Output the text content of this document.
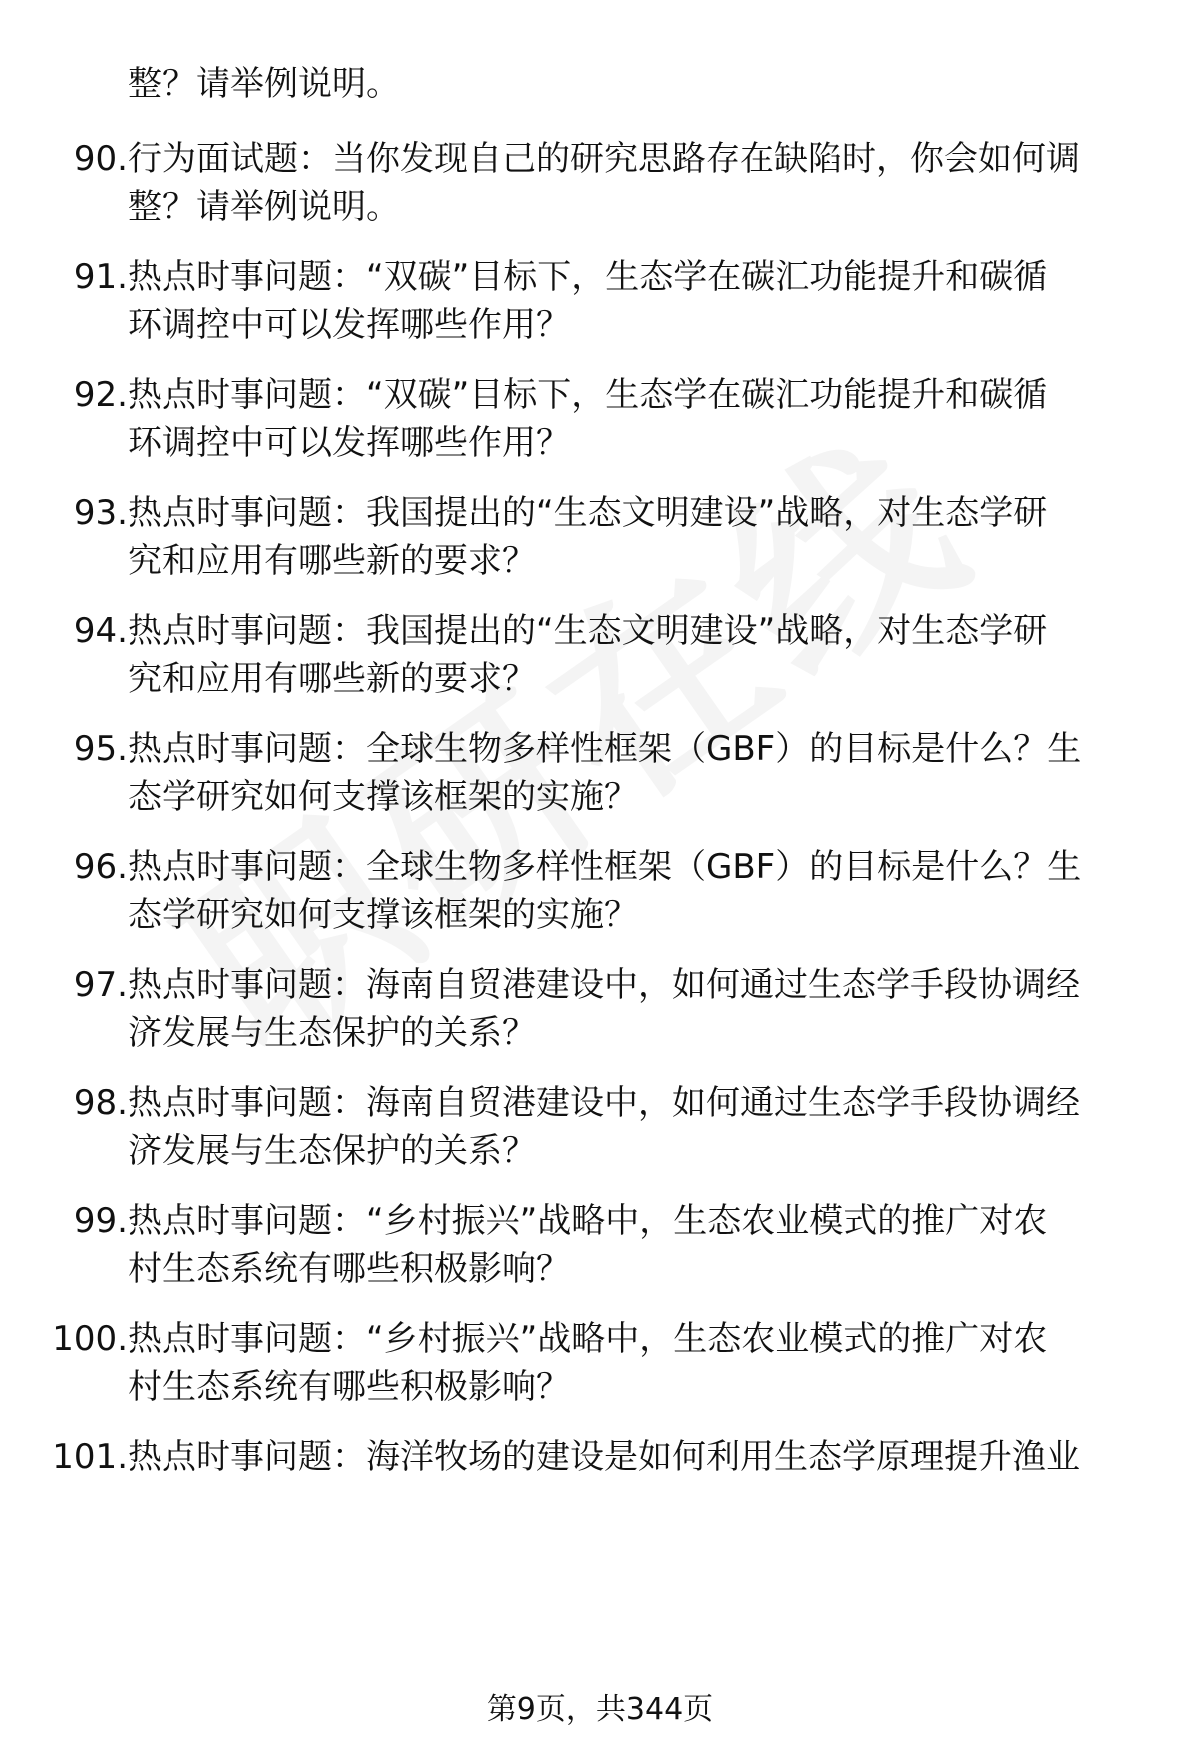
整？请举例说明。
90. 行为面试题：当你发现自己的研究思路存在缺陷时，你会如何调
整？请举例说明。
91. 热点时事问题：“双碳”目标下，生态学在碳汇功能提升和碳循
环调控中可以发挥哪些作用？
92. 热点时事问题：“双碳”目标下，生态学在碳汇功能提升和碳循
环调控中可以发挥哪些作用？
93. 热点时事问题：我国提出的“生态文明建设”战略，对生态学研
究和应用有哪些新的要求？
94. 热点时事问题：我国提出的“生态文明建设”战略，对生态学研
究和应用有哪些新的要求？
95. 热点时事问题：全球生物多样性框架（GBF）的目标是什么？生
态学研究如何支撑该框架的实施？
96. 热点时事问题：全球生物多样性框架（GBF）的目标是什么？生
态学研究如何支撑该框架的实施？
97. 热点时事问题：海南自贸港建设中，如何通过生态学手段协调经
济发展与生态保护的关系？
98. 热点时事问题：海南自贸港建设中，如何通过生态学手段协调经
济发展与生态保护的关系？
99. 热点时事问题：“乡村振兴”战略中，生态农业模式的推广对农
村生态系统有哪些积极影响？
100. 热点时事问题：“乡村振兴”战略中，生态农业模式的推广对农
村生态系统有哪些积极影响？
101. 热点时事问题：海洋牧场的建设是如何利用生态学原理提升渔业
第9页，共344页
